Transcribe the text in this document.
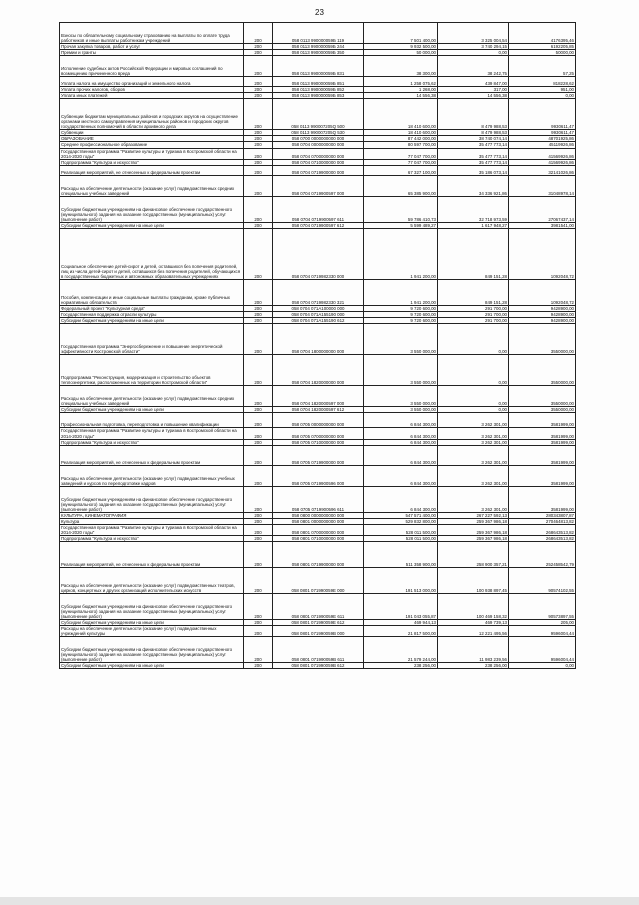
23
Взносы по обязательному социальному страхованию на выплаты по оплате труда работников и иные выплаты работникам учреждений	200	058 0113 990000059Б 119	7 501 400,00	3 325 004,54	4176395,46
Прочая закупка товаров, работ и услуг	200	058 0113 990000059Б 244	9 932 500,00	3 740 294,15	6192205,85
Премии и гранты	200	058 0113 990000059Б 350	50 000,00	0,00	50000,00
Исполнение судебных актов Российской Федерации и мировых соглашений по возмещению причиненного вреда	200	058 0113 990000059Б 831	38 300,00	38 242,75	57,25
Уплата налога на имущество организаций и земельного налога	200	058 0113 990000059Б 851	1 258 075,62	439 847,00	818228,62
Уплата прочих налогов, сборов	200	058 0113 990000059Б 852	1 268,00	317,00	951,00
Уплата иных платежей	200	058 0113 990000059Б 853	14 556,38	14 556,38	0,00
Субвенции бюджетам муниципальных районов и городских округов на осуществление органами местного самоуправления муниципальных районов и городских округов государственных полномочий в области архивного дела	200	058 0113 990007205Q 500	18 410 600,00	8 479 988,53	9930611,47
Субвенции	200	058 0113 990007205Q 530	18 410 600,00	8 479 988,53	9930611,47
ОБРАЗОВАНИЕ	200	058 0700 0000000000 000	87 442 000,00	38 740 074,14	48701925,86
Среднее профессиональное образование	200	058 0704 0000000000 000	80 597 700,00	35 477 773,14	45119926,86
Государственная программа "Развитие культуры и туризма в Костромской области на 2014-2020 годы"	200	058 0704 0700000000 000	77 047 700,00	35 477 773,14	41569926,86
Подпрограмма "Культура и искусство"	200	058 0704 0710000000 000	77 047 700,00	35 477 773,14	41569926,86
Реализация мероприятий, не отнесенных к федеральным проектам	200	058 0704 0719900000 000	67 327 100,00	35 186 073,14	32141026,86
Расходы на обеспечение деятельности (оказание услуг) подведомственных средних специальных учебных заведений	200	058 0704 0719900597 000	65 385 900,00	34 336 921,86	31048978,14
Субсидии бюджетным учреждениям на финансовое обеспечение государственного (муниципального) задания на оказание государственных (муниципальных) услуг (выполнение работ)	200	058 0704 0719900597 611	59 786 410,73	32 718 973,59	27067437,14
Субсидии бюджетным учреждениям на иные цели	200	058 0704 0719900597 612	5 599 489,27	1 617 948,27	3981541,00
Социальное обеспечение детей-сирот и детей, оставшихся без попечения родителей, лиц из числа детей-сирот и детей, оставшихся без попечения родителей, обучающихся в государственных бюджетных и автономных образовательных учреждениях	200	058 0704 0719982330 000	1 941 200,00	849 151,28	1092048,72
Пособия, компенсации и иные социальные выплаты гражданам, кроме публичных нормативных обязательств	200	058 0704 0719982330 321	1 941 200,00	849 151,28	1092048,72
Федеральный проект "Культурная среда"	200	058 0704 071A100000 000	9 720 600,00	291 700,00	9428900,00
Государственная поддержка отрасли культуры	200	058 0704 071A155190 000	9 720 600,00	291 700,00	9428900,00
Субсидии бюджетным учреждениям на иные цели	200	058 0704 071A155190 612	9 720 600,00	291 700,00	9428900,00
Государственная программа "Энергосбережение и повышение энергетической эффективности Костромской области"	200	058 0704 1800000000 000	3 550 000,00	0,00	3550000,00
Подпрограмма "Реконструкция, модернизация и строительство объектов теплоэнергетики, расположенных на территории Костромской области"	200	058 0704 1820000000 000	3 550 000,00	0,00	3550000,00
Расходы на обеспечение деятельности (оказание услуг) подведомственных средних специальных учебных заведений	200	058 0704 1820000597 000	3 550 000,00	0,00	3550000,00
Субсидии бюджетным учреждениям на иные цели	200	058 0704 1820000597 612	3 550 000,00	0,00	3550000,00
Профессиональная подготовка, переподготовка и повышение квалификации	200	058 0705 0000000000 000	6 844 300,00	3 262 301,00	3581999,00
Государственная программа "Развитие культуры и туризма в Костромской области на 2014-2020 годы"	200	058 0705 0700000000 000	6 844 300,00	3 262 301,00	3581999,00
Подпрограмма "Культура и искусство"	200	058 0705 0710000000 000	6 844 300,00	3 262 301,00	3581999,00
Реализация мероприятий, не отнесенных к федеральным проектам	200	058 0705 0719900000 000	6 844 300,00	3 262 301,00	3581999,00
Расходы на обеспечение деятельности (оказание услуг) подведомственных учебных заведений и курсов по переподготовке кадров	200	058 0705 0719900596 000	6 844 300,00	3 262 301,00	3581999,00
Субсидии бюджетным учреждениям на финансовое обеспечение государственного (муниципального) задания на оказание государственных (муниципальных) услуг (выполнение работ)	200	058 0705 0719900596 611	6 844 300,00	3 262 301,00	3581999,00
КУЛЬТУРА, КИНЕМАТОГРАФИЯ	200	058 0800 0000000000 000	547 571 400,00	267 227 592,13	280343807,87
Культура	200	058 0801 0000000000 000	529 832 800,00	259 367 986,18	270464813,82
Государственная программа "Развитие культуры и туризма в Костромской области на 2014-2020 годы"	200	058 0801 0700000000 000	528 011 500,00	259 367 986,18	268643513,82
Подпрограмма "Культура и искусство"	200	058 0801 0710000000 000	528 011 500,00	259 367 986,18	268643513,82
Реализация мероприятий, не отнесенных к федеральным проектам	200	058 0801 0719900000 000	511 358 900,00	258 900 357,21	252458542,79
Расходы на обеспечение деятельности (оказание услуг) подведомственных театров, цирков, концертных и других организаций исполнительских искусств	200	058 0801 071990059E 000	191 513 000,00	100 938 897,45	90574102,55
Субсидии бюджетным учреждениям на финансовое обеспечение государственного (муниципального) задания на оказание государственных (муниципальных) услуг (выполнение работ)	200	058 0801 071990059E 611	191 043 055,87	100 469 158,32	90573897,55
Субсидии бюджетным учреждениям на иные цели	200	058 0801 071990059E 612	469 944,13	469 739,13	205,00
Расходы на обеспечение деятельности (оказание услуг) подведомственных учреждений культуры	200	058 0801 071990059B 000	21 817 500,00	12 221 495,56	9596004,44
Субсидии бюджетным учреждениям на финансовое обеспечение государственного (муниципального) задания на оказание государственных (муниципальных) услуг (выполнение работ)	200	058 0801 071990059B 611	21 579 244,00	11 983 239,56	9596004,44
Субсидии бюджетным учреждениям на иные цели	200	058 0801 071990059B 612	238 256,00	238 256,00	0,00
